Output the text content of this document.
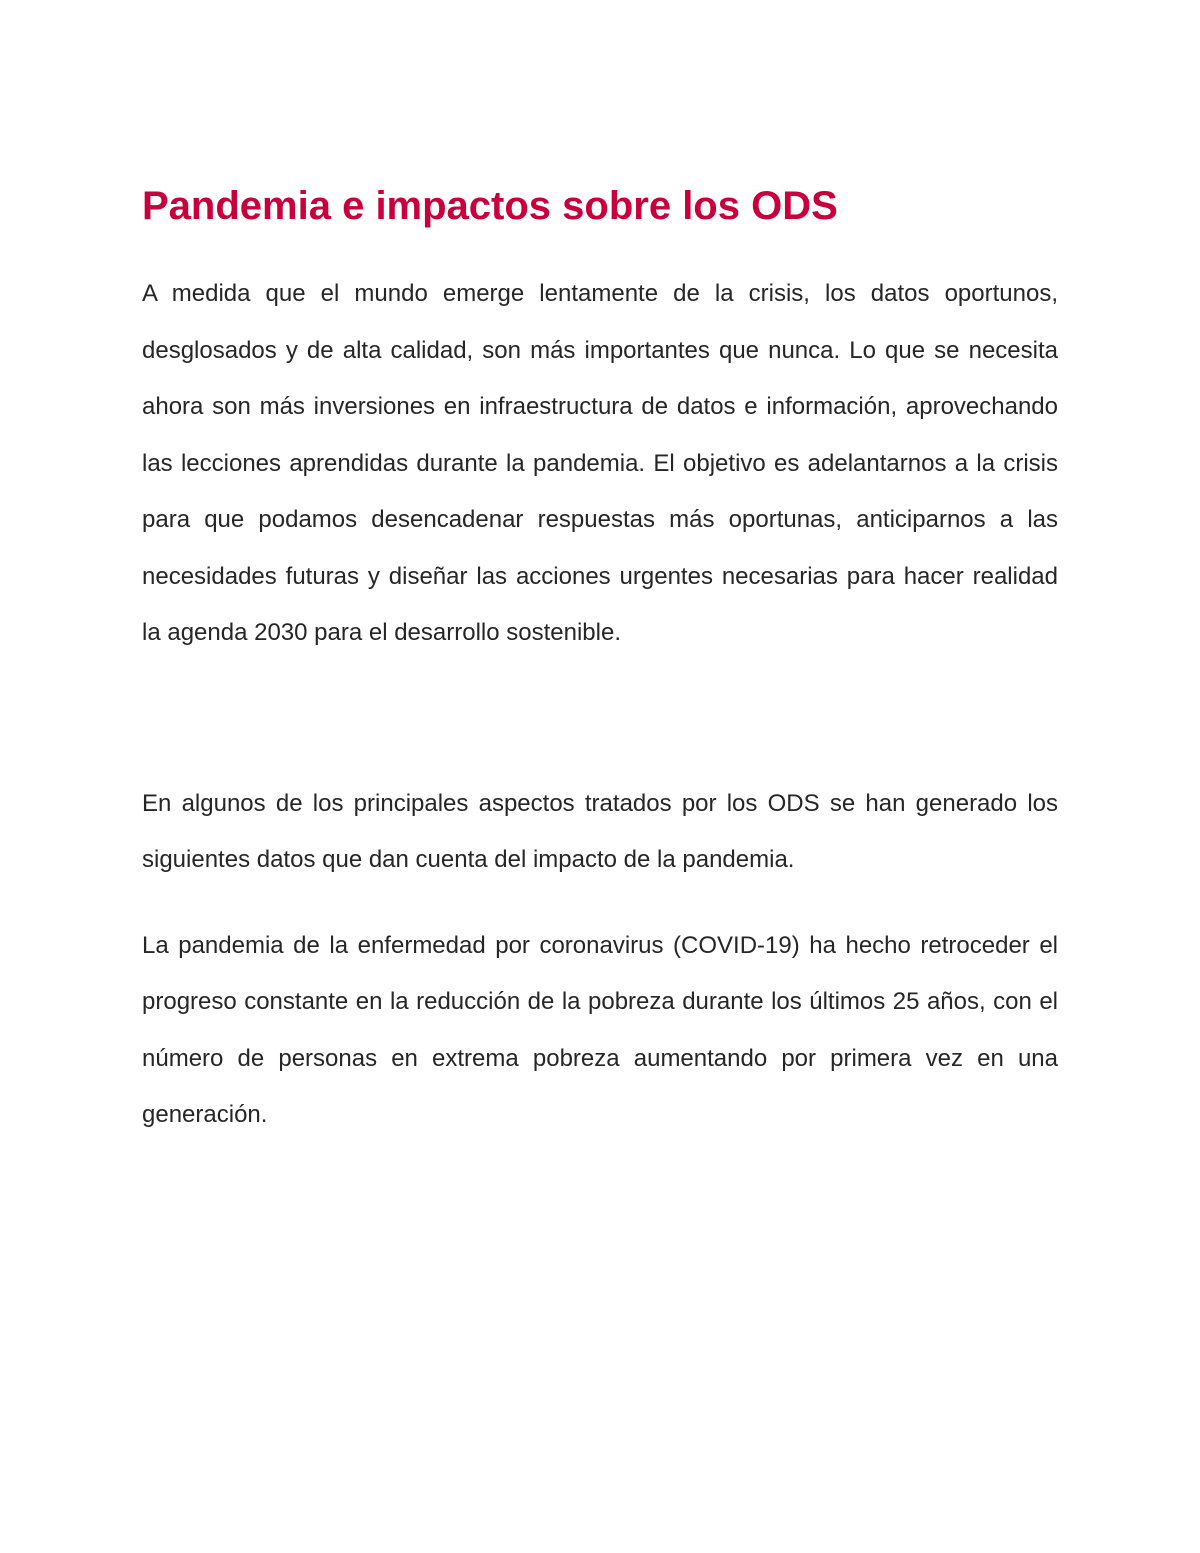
Pandemia e impactos sobre los ODS

A medida que el mundo emerge lentamente de la crisis, los datos oportunos, desglosados y de alta calidad, son más importantes que nunca. Lo que se necesita ahora son más inversiones en infraestructura de datos e información, aprovechando las lecciones aprendidas durante la pandemia. El objetivo es adelantarnos a la crisis para que podamos desencadenar respuestas más oportunas, anticiparnos a las necesidades futuras y diseñar las acciones urgentes necesarias para hacer realidad la agenda 2030 para el desarrollo sostenible.

En algunos de los principales aspectos tratados por los ODS se han generado los siguientes datos que dan cuenta del impacto de la pandemia.

La pandemia de la enfermedad por coronavirus (COVID-19) ha hecho retroceder el progreso constante en la reducción de la pobreza durante los últimos 25 años, con el número de personas en extrema pobreza aumentando por primera vez en una generación.
